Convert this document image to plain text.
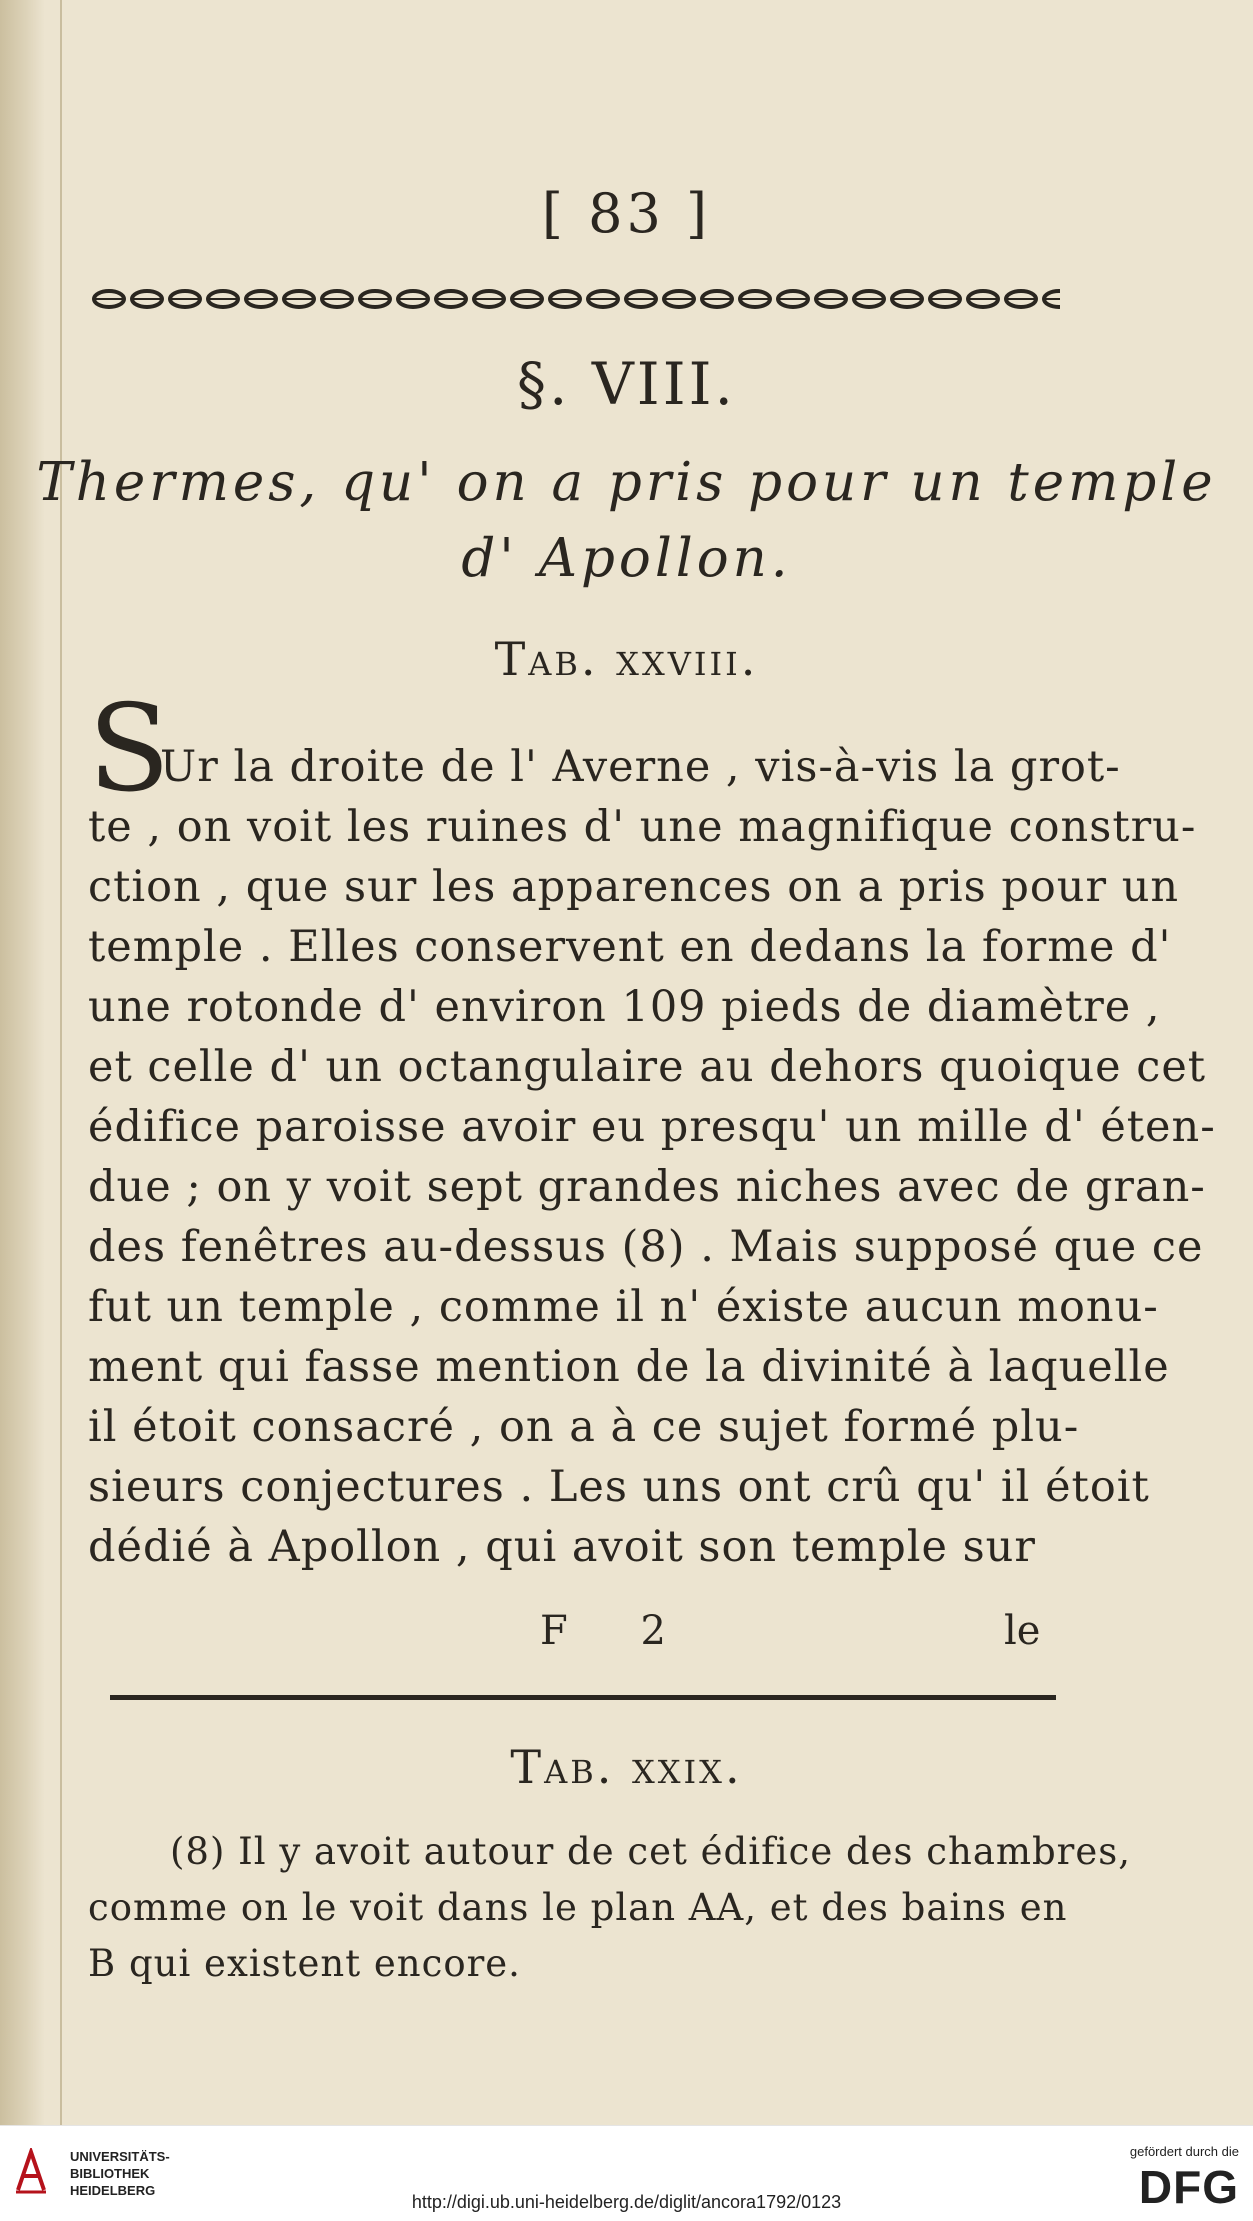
[ 83 ]
§. VIII.
Thermes, qu' on a pris pour un temple
d' Apollon.
Tab. xxviii.
S
Ur la droite de l' Averne , vis-à-vis la grot-
te , on voit les ruines d' une magnifique constru-
ction , que sur les apparences on a pris pour un
temple . Elles conservent en dedans la forme d'
une rotonde d' environ 109 pieds de diamètre ,
et celle d' un octangulaire au dehors quoique cet
édifice paroisse avoir eu presqu' un mille d' éten-
due ; on y voit sept grandes niches avec de gran-
des fenêtres au-dessus (8) . Mais supposé que ce
fut un temple , comme il n' éxiste aucun monu-
ment qui fasse mention de la divinité à laquelle
il étoit consacré , on a à ce sujet formé plu-
sieurs conjectures . Les uns ont crû qu' il étoit
dédié à Apollon , qui avoit son temple sur
F 2	le
Tab. xxix.
(8) Il y avoit autour de cet édifice des chambres,
comme on le voit dans le plan AA, et des bains en
B qui existent encore.
UNIVERSITÄTS-
BIBLIOTHEK
HEIDELBERG
http://digi.ub.uni-heidelberg.de/diglit/ancora1792/0123
gefördert durch die
DFG
